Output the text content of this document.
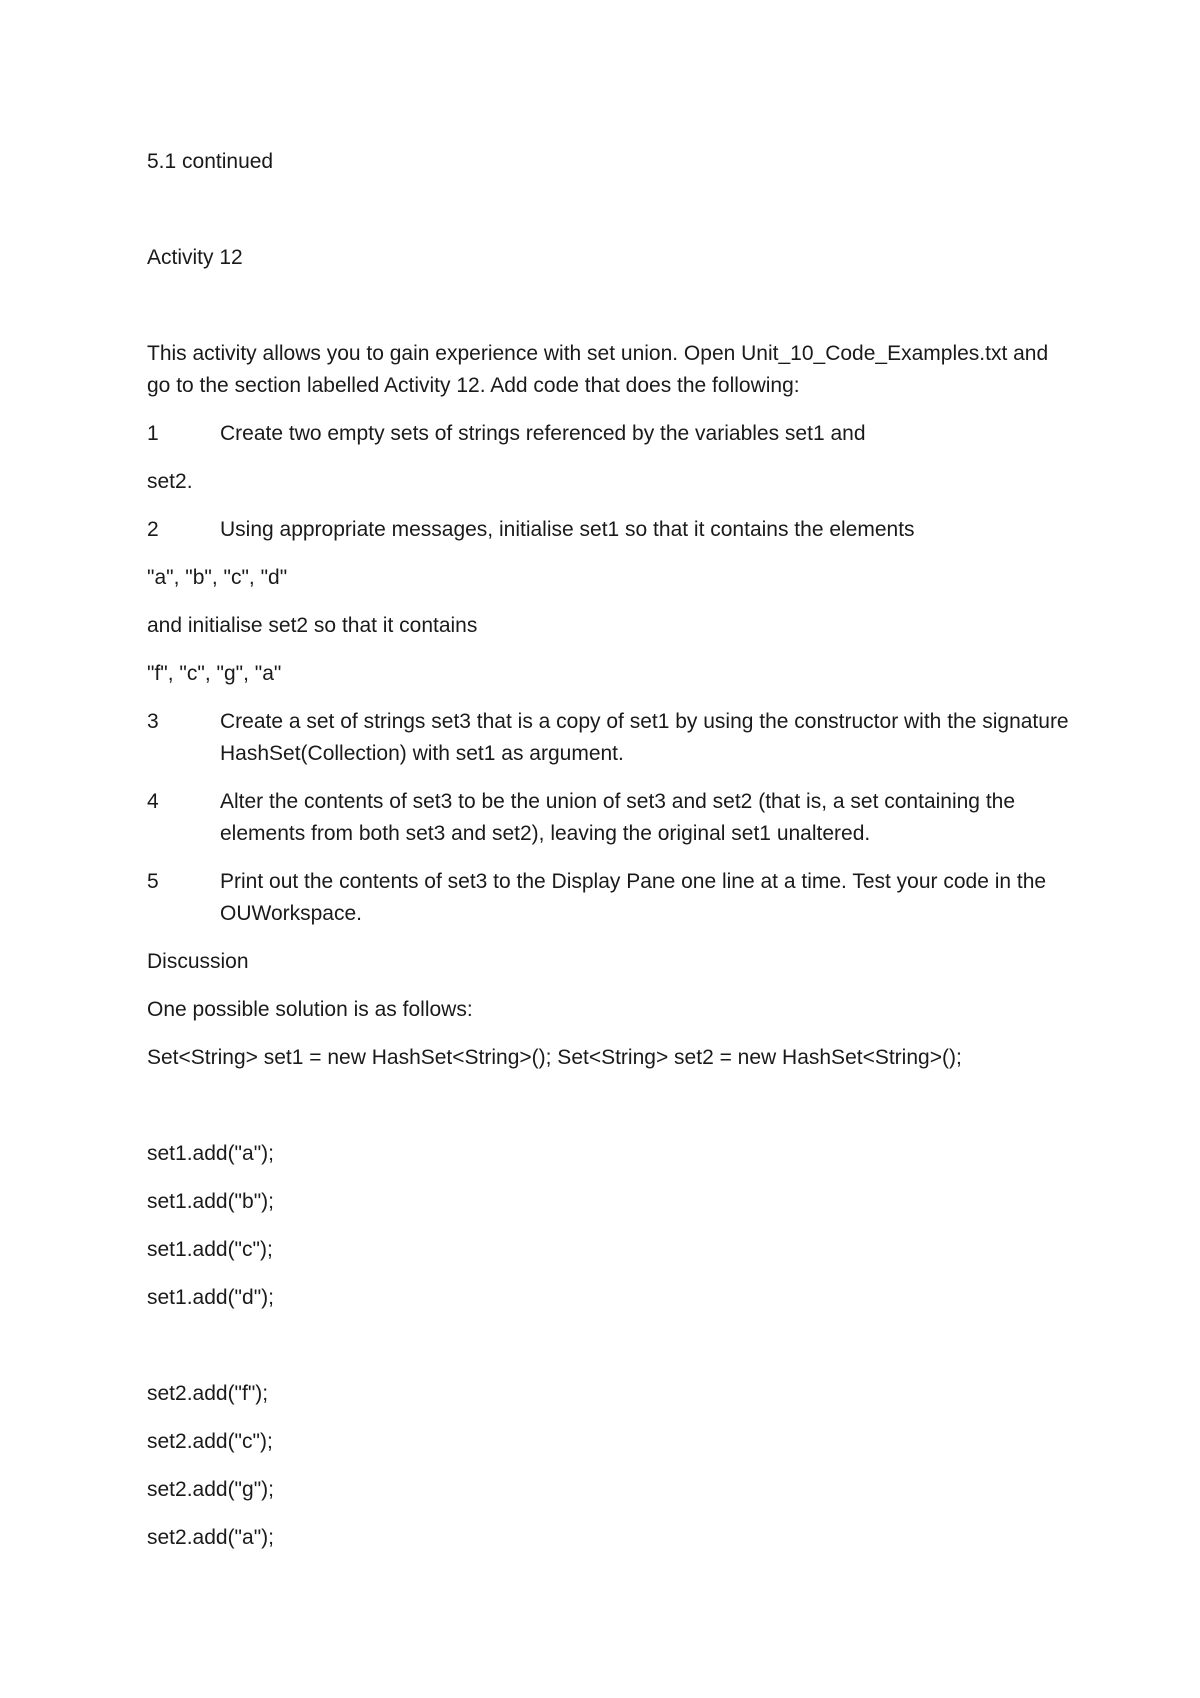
5.1 continued

Activity 12

This activity allows you to gain experience with set union. Open Unit_10_Code_Examples.txt and go to the section labelled Activity 12. Add code that does the following:

1	Create two empty sets of strings referenced by the variables set1 and

set2.

2	Using appropriate messages, initialise set1 so that it contains the elements

"a", "b", "c", "d"

and initialise set2 so that it contains

"f", "c", "g", "a"

3	Create a set of strings set3 that is a copy of set1 by using the constructor with the signature HashSet(Collection) with set1 as argument.
4	Alter the contents of set3 to be the union of set3 and set2 (that is, a set containing the elements from both set3 and set2), leaving the original set1 unaltered.
5	Print out the contents of set3 to the Display Pane one line at a time. Test your code in the OUWorkspace.

Discussion

One possible solution is as follows:

Set<String> set1 = new HashSet<String>(); Set<String> set2 = new HashSet<String>();

set1.add("a");

set1.add("b");

set1.add("c");

set1.add("d");

set2.add("f");

set2.add("c");

set2.add("g");

set2.add("a");
